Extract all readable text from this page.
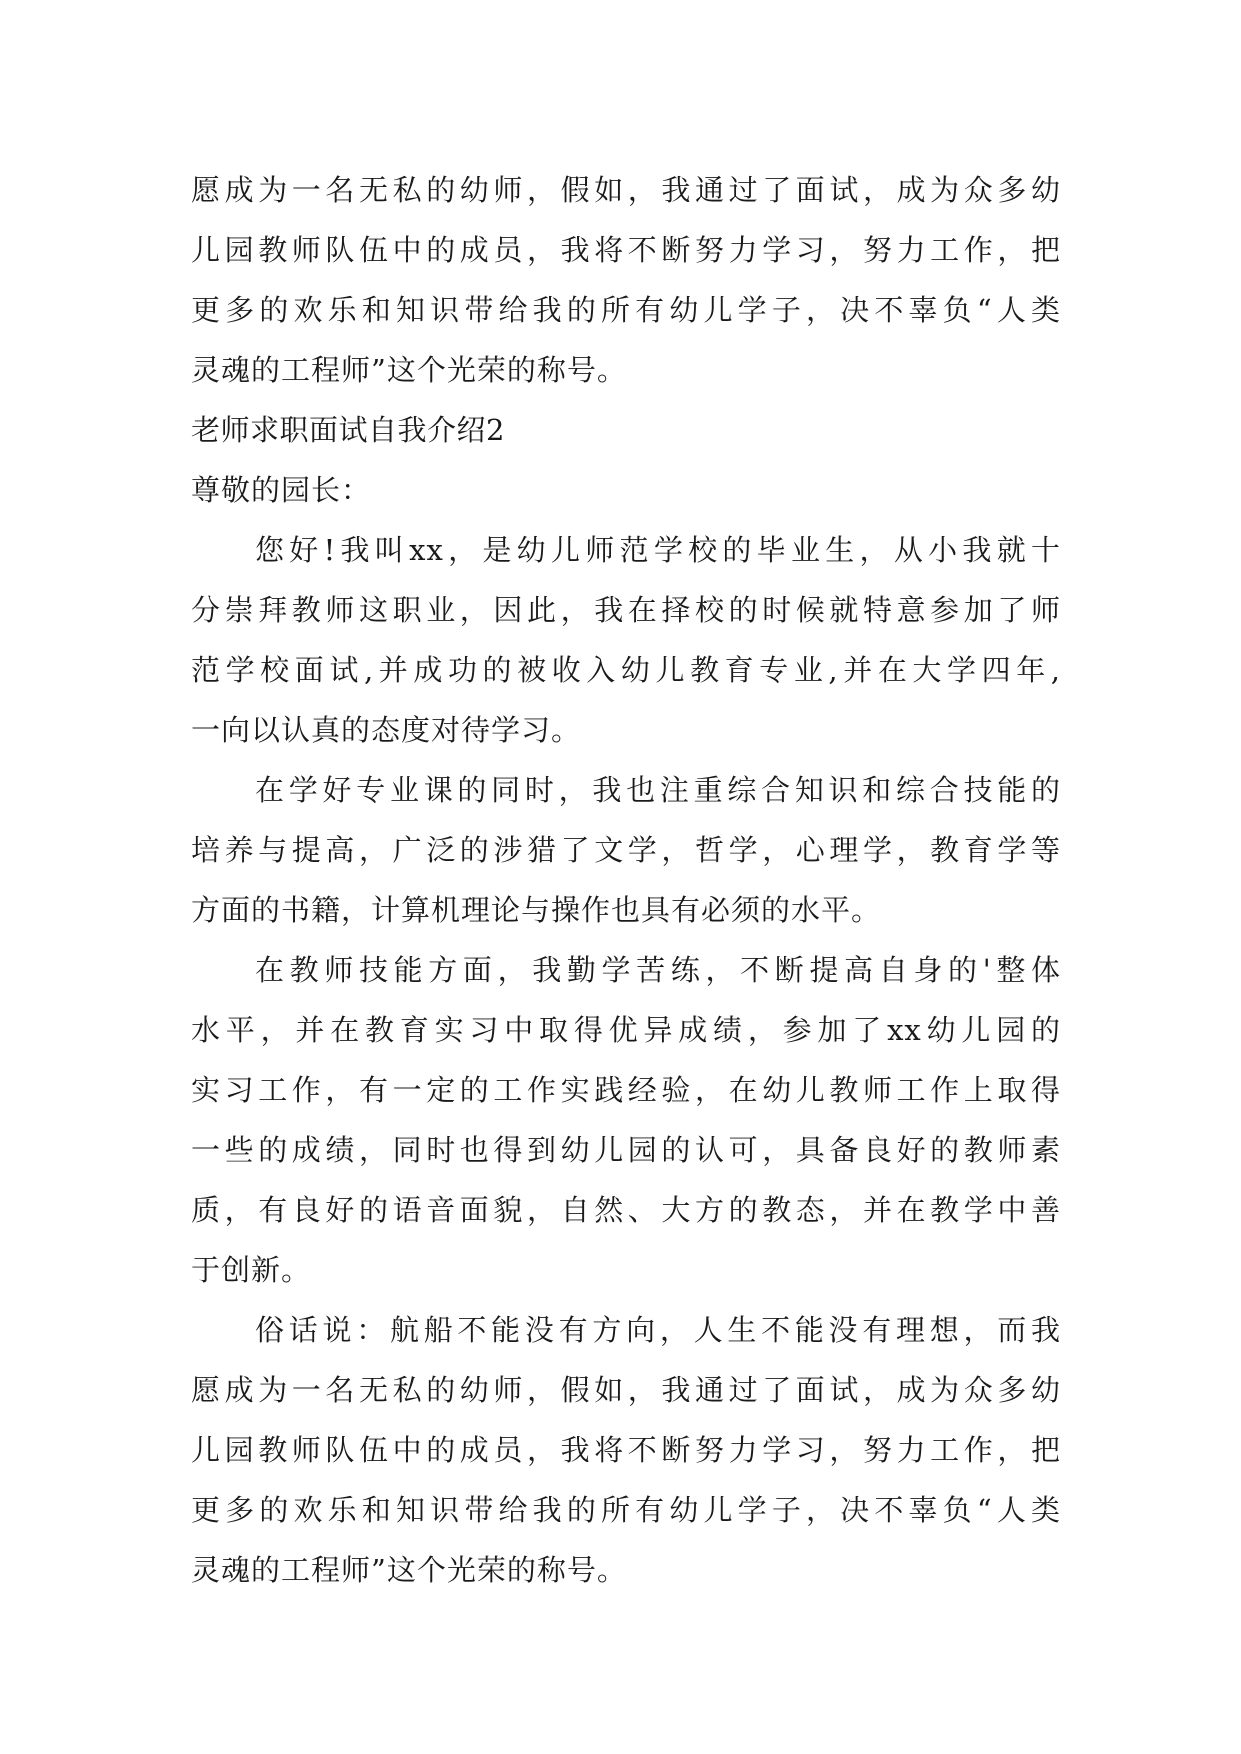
愿成为一名无私的幼师，假如，我通过了面试，成为众多幼
儿园教师队伍中的成员，我将不断努力学习，努力工作，把
更多的欢乐和知识带给我的所有幼儿学子，决不辜负“人类
灵魂的工程师”这个光荣的称号。
老师求职面试自我介绍2
尊敬的园长：
您好!我叫xx，是幼儿师范学校的毕业生，从小我就十
分崇拜教师这职业，因此，我在择校的时候就特意参加了师
范学校面试,并成功的被收入幼儿教育专业,并在大学四年,
一向以认真的态度对待学习。
在学好专业课的同时，我也注重综合知识和综合技能的
培养与提高，广泛的涉猎了文学，哲学，心理学，教育学等
方面的书籍，计算机理论与操作也具有必须的水平。
在教师技能方面，我勤学苦练，不断提高自身的'整体
水平，并在教育实习中取得优异成绩，参加了xx幼儿园的
实习工作，有一定的工作实践经验，在幼儿教师工作上取得
一些的成绩，同时也得到幼儿园的认可，具备良好的教师素
质，有良好的语音面貌，自然、大方的教态，并在教学中善
于创新。
俗话说：航船不能没有方向，人生不能没有理想，而我
愿成为一名无私的幼师，假如，我通过了面试，成为众多幼
儿园教师队伍中的成员，我将不断努力学习，努力工作，把
更多的欢乐和知识带给我的所有幼儿学子，决不辜负“人类
灵魂的工程师”这个光荣的称号。
